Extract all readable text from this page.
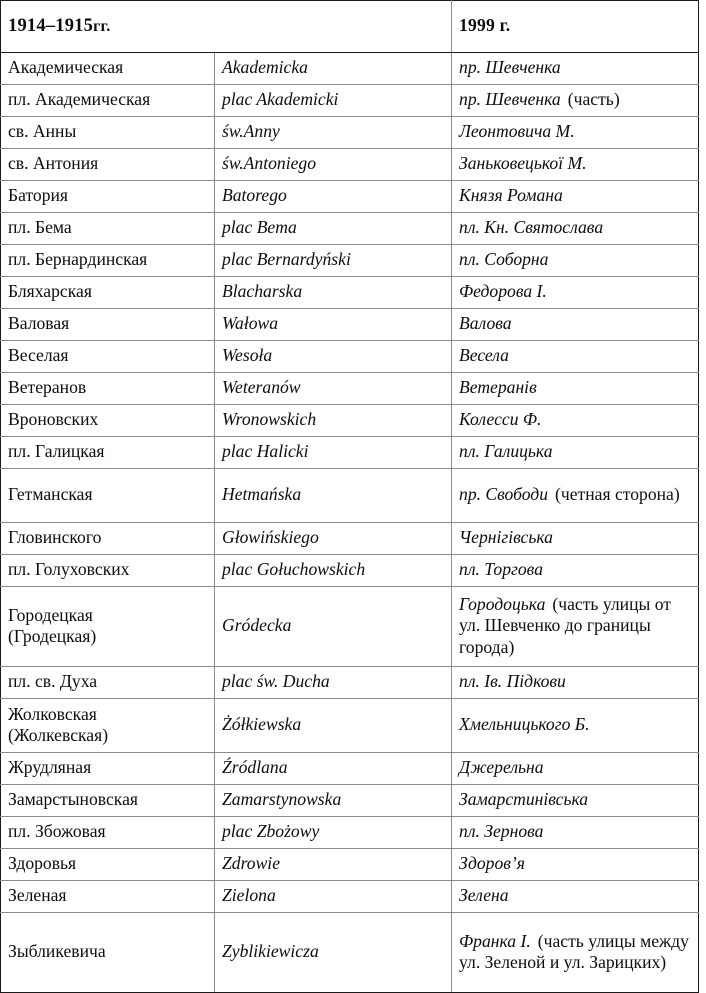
1914–1915гг.		1999 г.
Академическая	Akademicka	пр. Шевченка
пл. Академическая	plac Akademicki	пр. Шевченка  (часть)
св. Анны	św.Anny	Леонтовича М.
св. Антония	św.Antoniego	Заньковецької М.
Батория	Batorego	Князя Романа
пл. Бема	plac Bema	пл. Кн. Святослава
пл. Бернардинская	plac Bernardyński	пл. Соборна
Бляхарская	Blacharska	Федорова І.
Валовая	Wałowa	Валова
Веселая	Wesoła	Весела
Ветеранов	Weteranów	Ветеранів
Вроновских	Wronowskich	Колесси Ф.
пл. Галицкая	plac Halicki	пл. Галицька
Гетманская	Hetmańska	пр. Свободи  (четная сторона)
Гловинского	Głowińskiego	Чернігівська
пл. Голуховских	plac Gołuchowskich	пл. Торгова

Городецкая
(Гродецкая)	Gródecka	Городоцька  (часть улицы от ул. Шевченко до границы города)
пл. св. Духа	plac św. Ducha	пл. Ів. Підкови

Жолковская
(Жолкевская)	Żółkiewska	Хмельницького Б.
Жрудляная	Źródlana	Джерельна
Замарстыновская	Zamarstynowska	Замарстинівська
пл. Збожовая	plac Zbożowy	пл. Зернова
Здоровья	Zdrowie	Здоров’я
Зеленая	Zielona	Зелена
Зыбликевича	Zyblikiewicza	Франка І.  (часть улицы между ул. Зеленой и ул. Зарицких)
